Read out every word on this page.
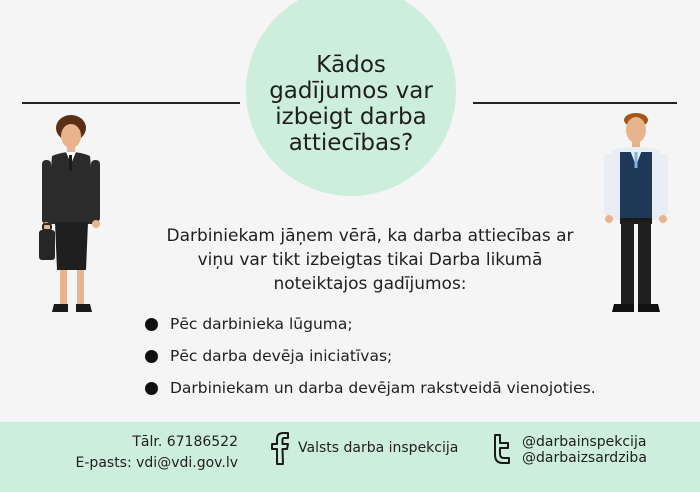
Kādos
gadījumos var
izbeigt darba
attiecības?
Darbiniekam jāņem vērā, ka darba attiecības ar
viņu var tikt izbeigtas tikai Darba likumā
noteiktajos gadījumos:
Pēc darbinieka lūguma;
Pēc darba devēja iniciatīvas;
Darbiniekam un darba devējam rakstveidā vienojoties.
Tālr. 67186522
E-pasts: vdi@vdi.gov.lv
Valsts darba inspekcija	@darbainspekcija
@darbaizsardziba
